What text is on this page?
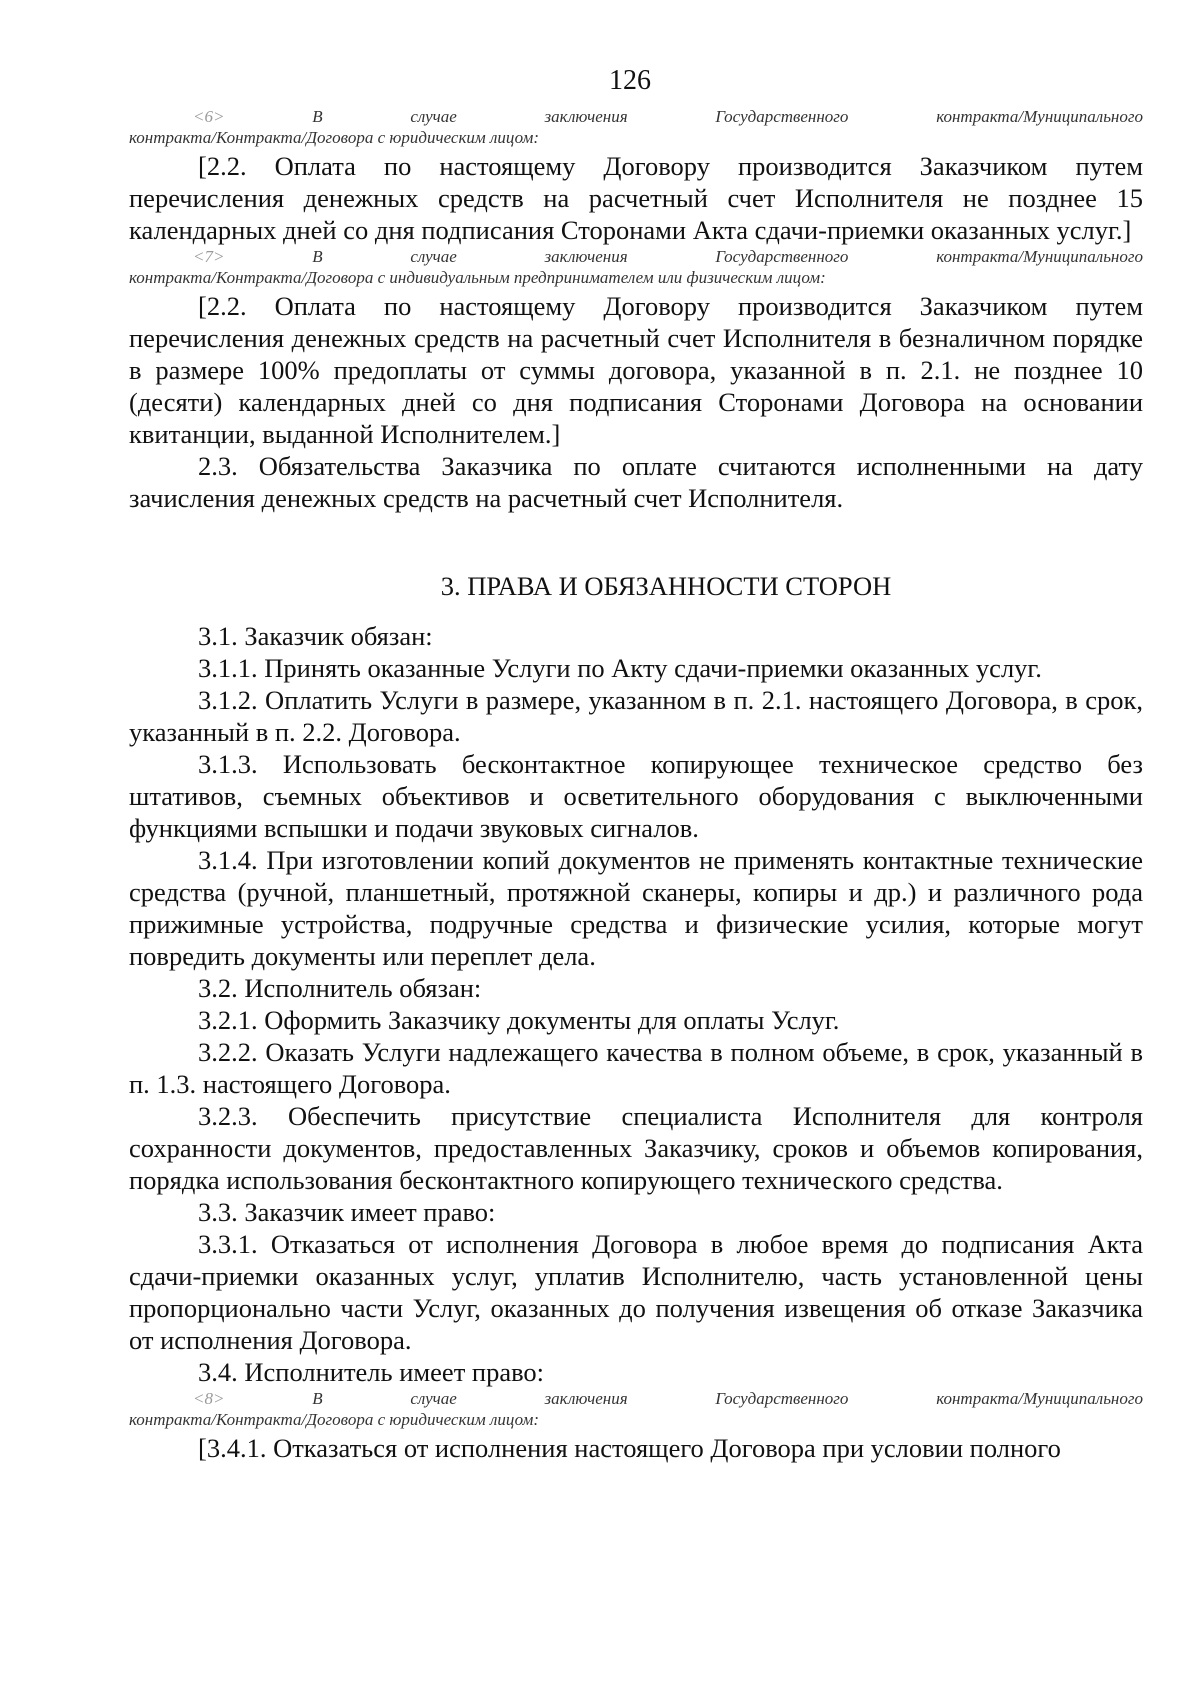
126
<6>	В	случае	заключения	Государственного	контракта/Муниципального
контракта/Контракта/Договора с юридическим лицом:

[2.2. Оплата по настоящему Договору производится Заказчиком путем перечисления денежных средств на расчетный счет Исполнителя не позднее 15 календарных дней со дня подписания Сторонами Акта сдачи-приемки оказанных услуг.]

<7>	В	случае	заключения	Государственного	контракта/Муниципального
контракта/Контракта/Договора с индивидуальным предпринимателем или физическим лицом:

[2.2. Оплата по настоящему Договору производится Заказчиком путем перечисления денежных средств на расчетный счет Исполнителя в безналичном порядке в размере 100% предоплаты от суммы договора, указанной в п. 2.1. не позднее 10 (десяти) календарных дней со дня подписания Сторонами Договора на основании квитанции, выданной Исполнителем.]

2.3. Обязательства Заказчика по оплате считаются исполненными на дату зачисления денежных средств на расчетный счет Исполнителя.

3. ПРАВА И ОБЯЗАННОСТИ СТОРОН

3.1. Заказчик обязан:

3.1.1. Принять оказанные Услуги по Акту сдачи-приемки оказанных услуг.

3.1.2. Оплатить Услуги в размере, указанном в п. 2.1. настоящего Договора, в срок, указанный в п. 2.2. Договора.

3.1.3. Использовать бесконтактное копирующее техническое средство без штативов, съемных объективов и осветительного оборудования с выключенными функциями вспышки и подачи звуковых сигналов.

3.1.4. При изготовлении копий документов не применять контактные технические средства (ручной, планшетный, протяжной сканеры, копиры и др.) и различного рода прижимные устройства, подручные средства и физические усилия, которые могут повредить документы или переплет дела.

3.2. Исполнитель обязан:

3.2.1. Оформить Заказчику документы для оплаты Услуг.

3.2.2. Оказать Услуги надлежащего качества в полном объеме, в срок, указанный в п. 1.3. настоящего Договора.

3.2.3. Обеспечить присутствие специалиста Исполнителя для контроля сохранности документов, предоставленных Заказчику, сроков и объемов копирования, порядка использования бесконтактного копирующего технического средства.

3.3. Заказчик имеет право:

3.3.1. Отказаться от исполнения Договора в любое время до подписания Акта сдачи-приемки оказанных услуг, уплатив Исполнителю, часть установленной цены пропорционально части Услуг, оказанных до получения извещения об отказе Заказчика от исполнения Договора.

3.4. Исполнитель имеет право:

<8>	В	случае	заключения	Государственного	контракта/Муниципального
контракта/Контракта/Договора с юридическим лицом:

[3.4.1. Отказаться от исполнения настоящего Договора при условии полного
